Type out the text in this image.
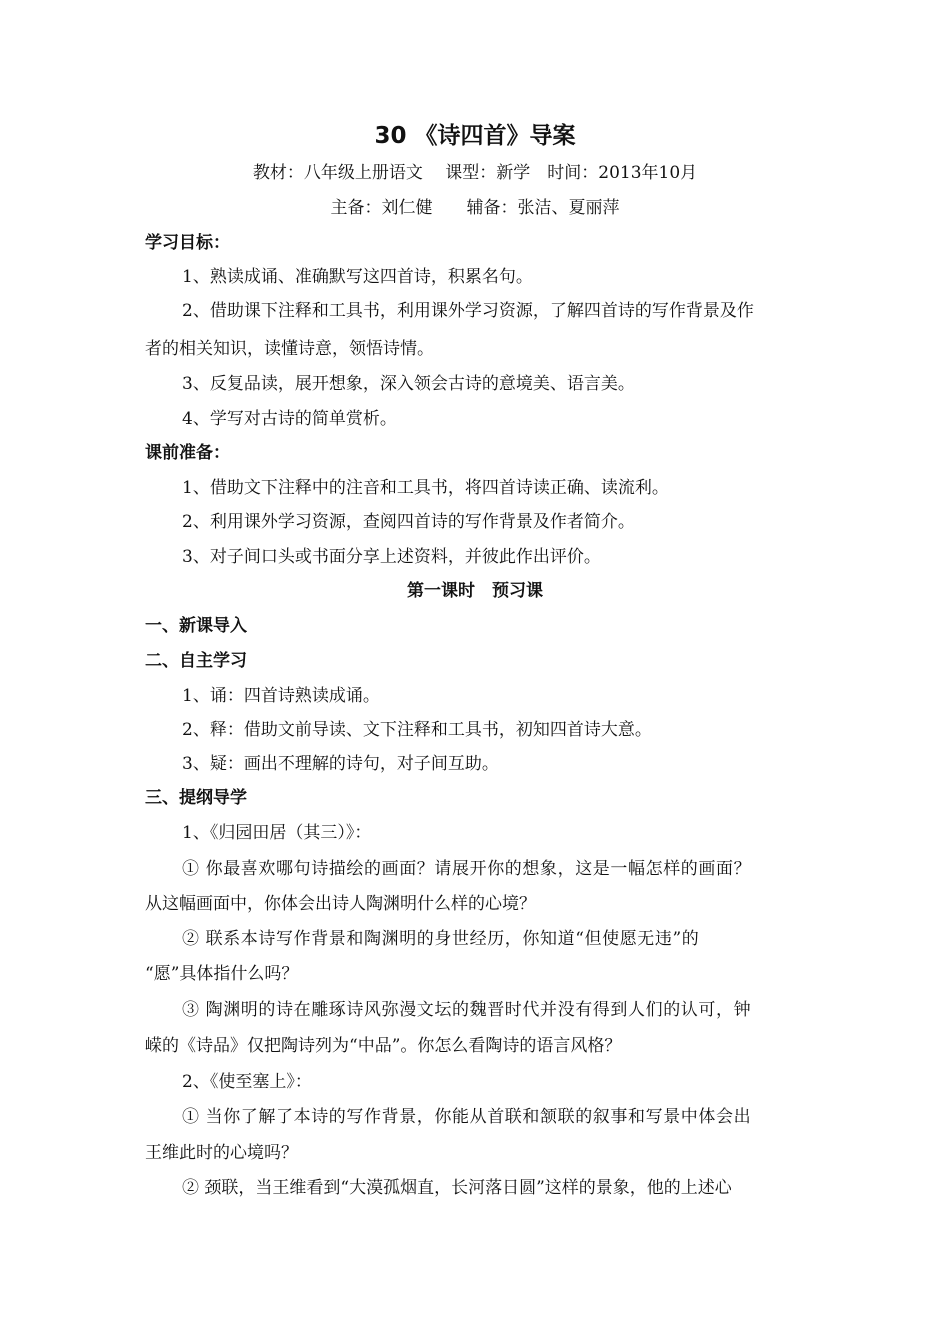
30 《诗四首》导案
教材：八年级上册语文　 课型：新学　时间：2013年10月
主备：刘仁健　　辅备：张洁、夏丽萍
学习目标：
1、熟读成诵、准确默写这四首诗，积累名句。
2、借助课下注释和工具书，利用课外学习资源，了解四首诗的写作背景及作
者的相关知识，读懂诗意，领悟诗情。
3、反复品读，展开想象，深入领会古诗的意境美、语言美。
4、学写对古诗的简单赏析。
课前准备：
1、借助文下注释中的注音和工具书，将四首诗读正确、读流利。
2、利用课外学习资源，查阅四首诗的写作背景及作者简介。
3、对子间口头或书面分享上述资料，并彼此作出评价。
第一课时　预习课
一、新课导入
二、自主学习
1、诵：四首诗熟读成诵。
2、释：借助文前导读、文下注释和工具书，初知四首诗大意。
3、疑：画出不理解的诗句，对子间互助。
三、提纲导学
1、《归园田居（其三）》：
① 你最喜欢哪句诗描绘的画面？请展开你的想象，这是一幅怎样的画面？
从这幅画面中，你体会出诗人陶渊明什么样的心境？
② 联系本诗写作背景和陶渊明的身世经历，你知道“但使愿无违”的
“愿”具体指什么吗？
③ 陶渊明的诗在雕琢诗风弥漫文坛的魏晋时代并没有得到人们的认可，钟
嵘的《诗品》仅把陶诗列为“中品”。你怎么看陶诗的语言风格？
2、《使至塞上》：
① 当你了解了本诗的写作背景，你能从首联和颔联的叙事和写景中体会出
王维此时的心境吗？
② 颈联，当王维看到“大漠孤烟直，长河落日圆”这样的景象，他的上述心
